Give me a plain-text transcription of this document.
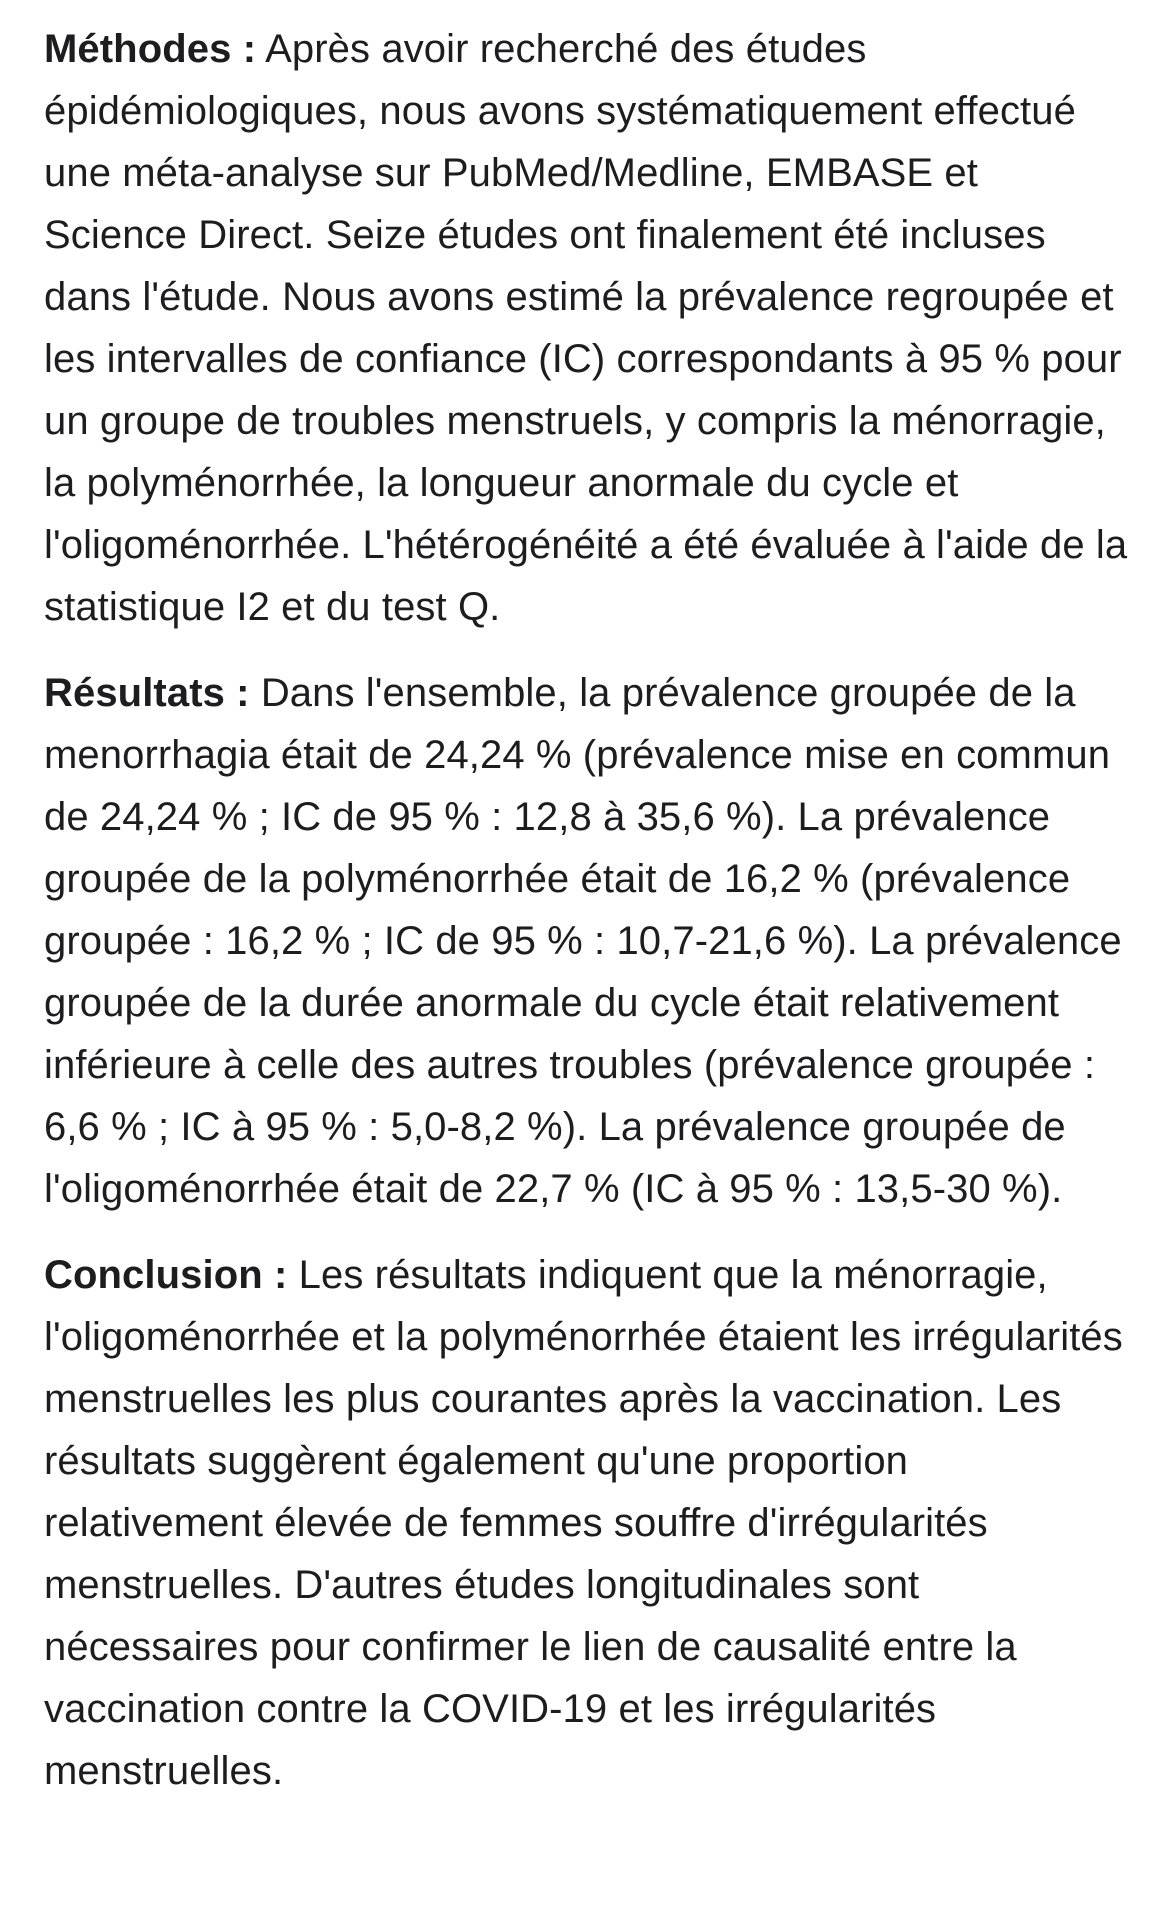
Méthodes : Après avoir recherché des études épidémiologiques, nous avons systématiquement effectué une méta-analyse sur PubMed/Medline, EMBASE et Science Direct. Seize études ont finalement été incluses dans l'étude. Nous avons estimé la prévalence regroupée et les intervalles de confiance (IC) correspondants à 95 % pour un groupe de troubles menstruels, y compris la ménorragie, la polyménorrhée, la longueur anormale du cycle et l'oligoménorrhée. L'hétérogénéité a été évaluée à l'aide de la statistique I2 et du test Q.

Résultats : Dans l'ensemble, la prévalence groupée de la menorrhagia était de 24,24 % (prévalence mise en commun de 24,24 % ; IC de 95 % : 12,8 à 35,6 %). La prévalence groupée de la polyménorrhée était de 16,2 % (prévalence groupée : 16,2 % ; IC de 95 % : 10,7-21,6 %). La prévalence groupée de la durée anormale du cycle était relativement inférieure à celle des autres troubles (prévalence groupée : 6,6 % ; IC à 95 % : 5,0-8,2 %). La prévalence groupée de l'oligoménorrhée était de 22,7 % (IC à 95 % : 13,5-30 %).

Conclusion : Les résultats indiquent que la ménorragie, l'oligoménorrhée et la polyménorrhée étaient les irrégularités menstruelles les plus courantes après la vaccination. Les résultats suggèrent également qu'une proportion relativement élevée de femmes souffre d'irrégularités menstruelles. D'autres études longitudinales sont nécessaires pour confirmer le lien de causalité entre la vaccination contre la COVID-19 et les irrégularités menstruelles.
